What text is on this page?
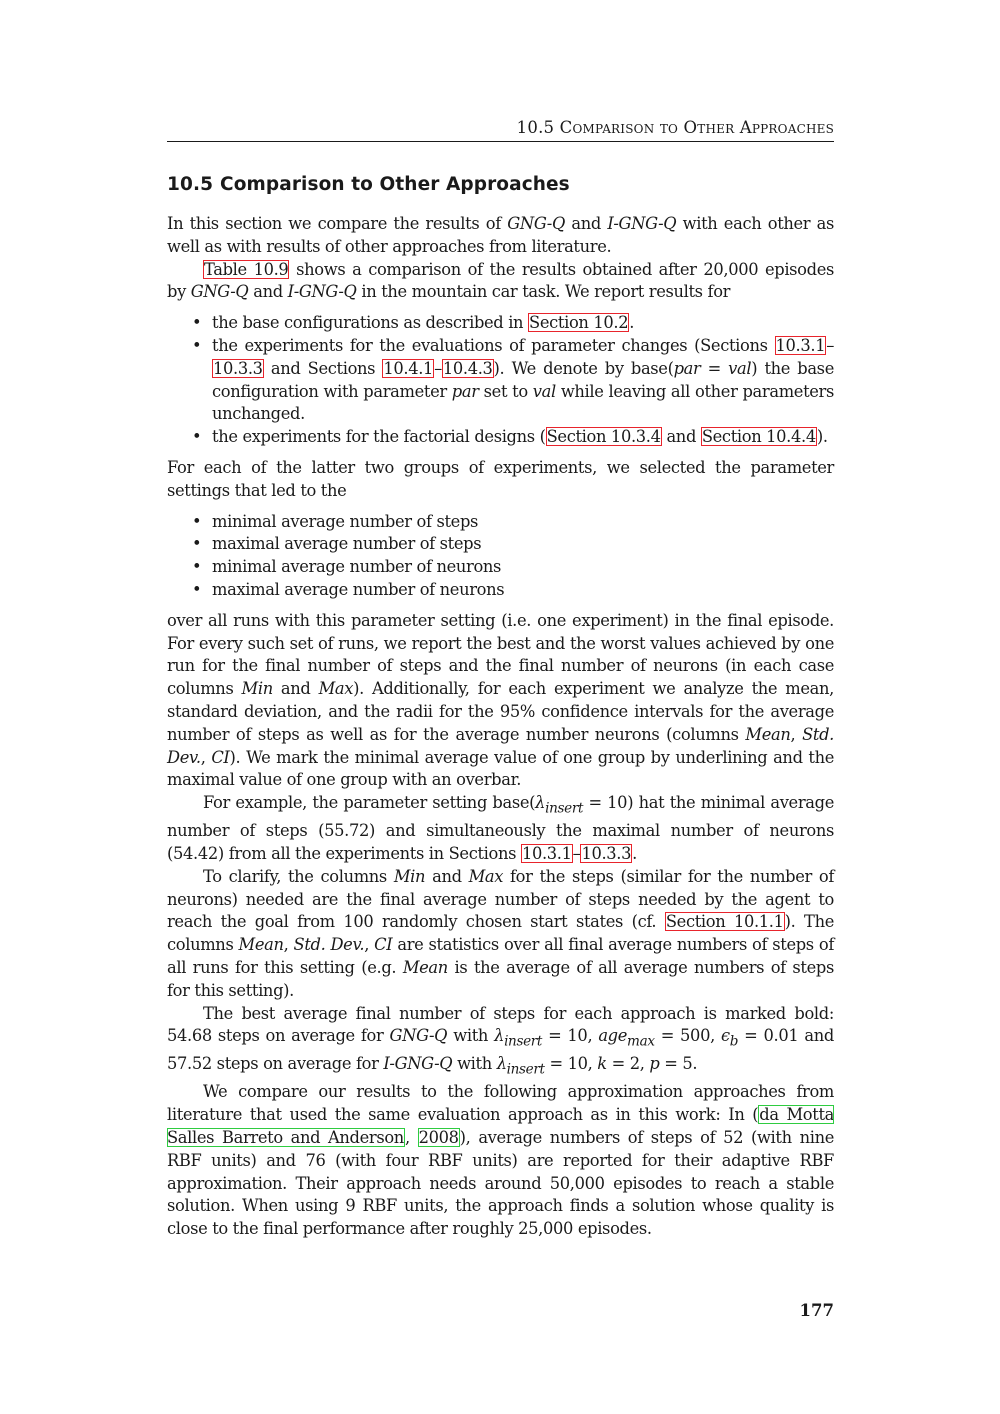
10.5 Comparison to Other Approaches
10.5 Comparison to Other Approaches

In this section we compare the results of GNG-Q and I-GNG-Q with each other as well as with results of other approaches from literature.

Table 10.9 shows a comparison of the results obtained after 20,000 episodes by GNG-Q and I-GNG-Q in the mountain car task. We report results for

• the base configurations as described in Section 10.2.
• the experiments for the evaluations of parameter changes (Sections 10.3.1–10.3.3 and Sections 10.4.1–10.4.3). We denote by base(par = val) the base configuration with parameter par set to val while leaving all other parameters unchanged.
• the experiments for the factorial designs (Section 10.3.4 and Section 10.4.4).

For each of the latter two groups of experiments, we selected the parameter settings that led to the

• minimal average number of steps
• maximal average number of steps
• minimal average number of neurons
• maximal average number of neurons

over all runs with this parameter setting (i.e. one experiment) in the final episode. For every such set of runs, we report the best and the worst values achieved by one run for the final number of steps and the final number of neurons (in each case columns Min and Max). Additionally, for each experiment we analyze the mean, standard deviation, and the radii for the 95% confidence intervals for the average number of steps as well as for the average number neurons (columns Mean, Std. Dev., CI). We mark the minimal average value of one group by underlining and the maximal value of one group with an overbar.

For example, the parameter setting $base(\lambda_{insert} = 10)$ hat the minimal average number of steps (55.72) and simultaneously the maximal number of neurons (54.42) from all the experiments in Sections 10.3.1–10.3.3.

To clarify, the columns Min and Max for the steps (similar for the number of neurons) needed are the final average number of steps needed by the agent to reach the goal from 100 randomly chosen start states (cf. Section 10.1.1). The columns Mean, Std. Dev., CI are statistics over all final average numbers of steps of all runs for this setting (e.g. Mean is the average of all average numbers of steps for this setting).

The best average final number of steps for each approach is marked bold: 54.68 steps on average for GNG-Q with $\lambda_{insert} = 10$, age$_{max}$ = 500, $\epsilon_b = 0.01$ and 57.52 steps on average for I-GNG-Q with $\lambda_{insert} = 10$, k = 2, p = 5.

We compare our results to the following approximation approaches from literature that used the same evaluation approach as in this work: In (da Motta Salles Barreto and Anderson, 2008), average numbers of steps of 52 (with nine RBF units) and 76 (with four RBF units) are reported for their adaptive RBF approximation. Their approach needs around 50,000 episodes to reach a stable solution. When using 9 RBF units, the approach finds a solution whose quality is close to the final performance after roughly 25,000 episodes.

177
